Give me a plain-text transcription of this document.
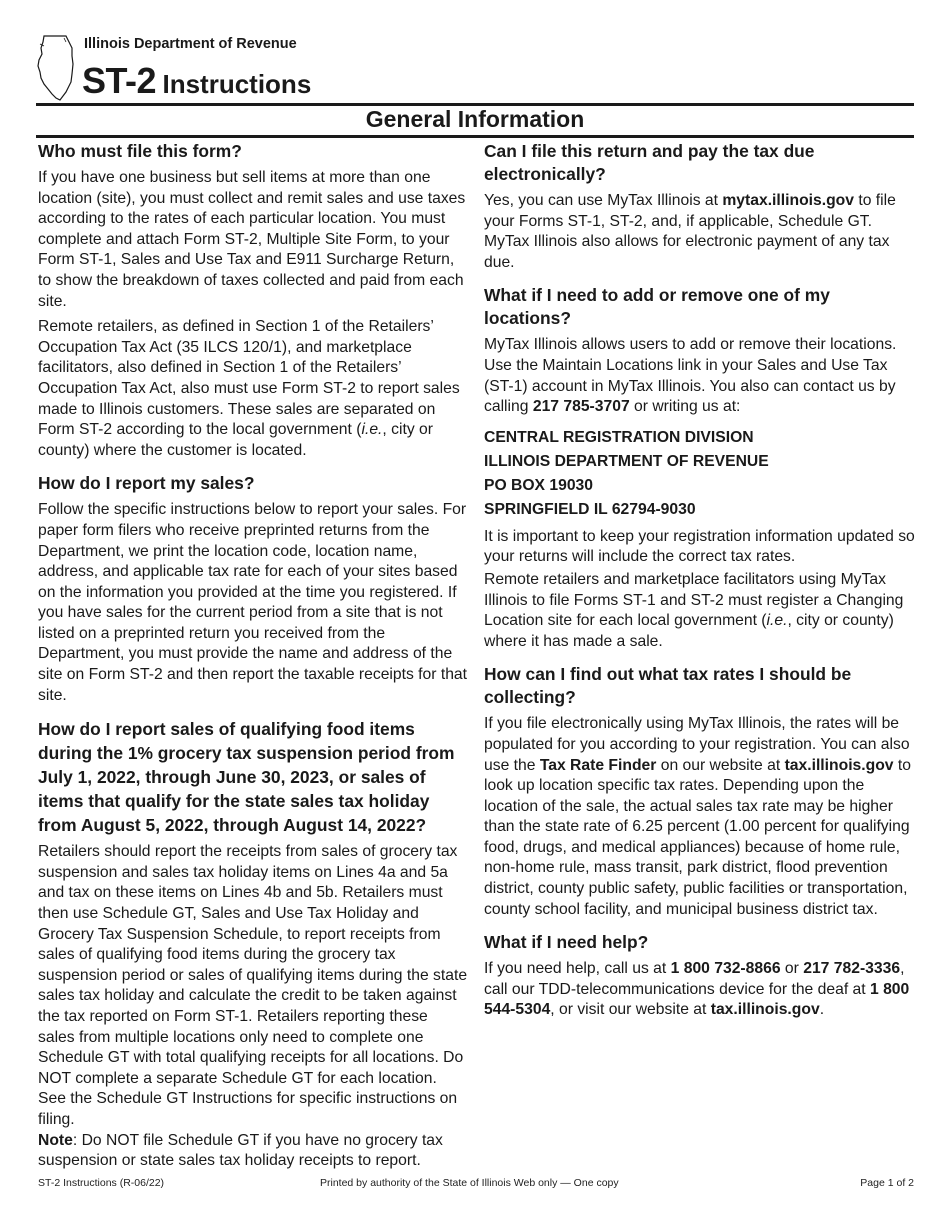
Illinois Department of Revenue
ST-2 Instructions
General Information
Who must file this form?

If you have one business but sell items at more than one location (site), you must collect and remit sales and use taxes according to the rates of each particular location. You must complete and attach Form ST-2, Multiple Site Form, to your Form ST-1, Sales and Use Tax and E911 Surcharge Return, to show the breakdown of taxes collected and paid from each site.

Remote retailers, as defined in Section 1 of the Retailers’ Occupation Tax Act (35 ILCS 120/1), and marketplace facilitators, also defined in Section 1 of the Retailers’ Occupation Tax Act, also must use Form ST-2 to report sales made to Illinois customers. These sales are separated on Form ST-2 according to the local government (i.e., city or county) where the customer is located.

How do I report my sales?

Follow the specific instructions below to report your sales. For paper form filers who receive preprinted returns from the Department, we print the location code, location name, address, and applicable tax rate for each of your sites based on the information you provided at the time you registered. If you have sales for the current period from a site that is not listed on a preprinted return you received from the Department, you must provide the name and address of the site on Form ST-2 and then report the taxable receipts for that site.

How do I report sales of qualifying food items during the 1% grocery tax suspension period from July 1, 2022, through June 30, 2023, or sales of items that qualify for the state sales tax holiday from August 5, 2022, through August 14, 2022?

Retailers should report the receipts from sales of grocery tax suspension and sales tax holiday items on Lines 4a and 5a and tax on these items on Lines 4b and 5b. Retailers must then use Schedule GT, Sales and Use Tax Holiday and Grocery Tax Suspension Schedule, to report receipts from sales of qualifying food items during the grocery tax suspension period or sales of qualifying items during the state sales tax holiday and calculate the credit to be taken against the tax reported on Form ST-1. Retailers reporting these sales from multiple locations only need to complete one Schedule GT with total qualifying receipts for all locations. Do NOT complete a separate Schedule GT for each location. See the Schedule GT Instructions for specific instructions on filing.
Note: Do NOT file Schedule GT if you have no grocery tax suspension or state sales tax holiday receipts to report.

Can I file this return and pay the tax due electronically?

Yes, you can use MyTax Illinois at mytax.illinois.gov to file your Forms ST-1, ST-2, and, if applicable, Schedule GT. MyTax Illinois also allows for electronic payment of any tax due.

What if I need to add or remove one of my locations?

MyTax Illinois allows users to add or remove their locations. Use the Maintain Locations link in your Sales and Use Tax (ST-1) account in MyTax Illinois. You also can contact us by calling 217 785-3707 or writing us at:

CENTRAL REGISTRATION DIVISION
ILLINOIS DEPARTMENT OF REVENUE
PO BOX 19030
SPRINGFIELD IL 62794-9030

It is important to keep your registration information updated so your returns will include the correct tax rates.

Remote retailers and marketplace facilitators using MyTax Illinois to file Forms ST-1 and ST-2 must register a Changing Location site for each local government (i.e., city or county) where it has made a sale.

How can I find out what tax rates I should be collecting?

If you file electronically using MyTax Illinois, the rates will be populated for you according to your registration. You can also use the Tax Rate Finder on our website at tax.illinois.gov to look up location specific tax rates. Depending upon the location of the sale, the actual sales tax rate may be higher than the state rate of 6.25 percent (1.00 percent for qualifying food, drugs, and medical appliances) because of home rule, non-home rule, mass transit, park district, flood prevention district, county public safety, public facilities or transportation, county school facility, and municipal business district tax.

What if I need help?

If you need help, call us at 1 800 732-8866 or 217 782-3336, call our TDD-telecommunications device for the deaf at 1 800 544-5304, or visit our website at tax.illinois.gov.

ST-2 Instructions (R-06/22)	Printed by authority of the State of Illinois Web only — One copy	Page 1 of 2
